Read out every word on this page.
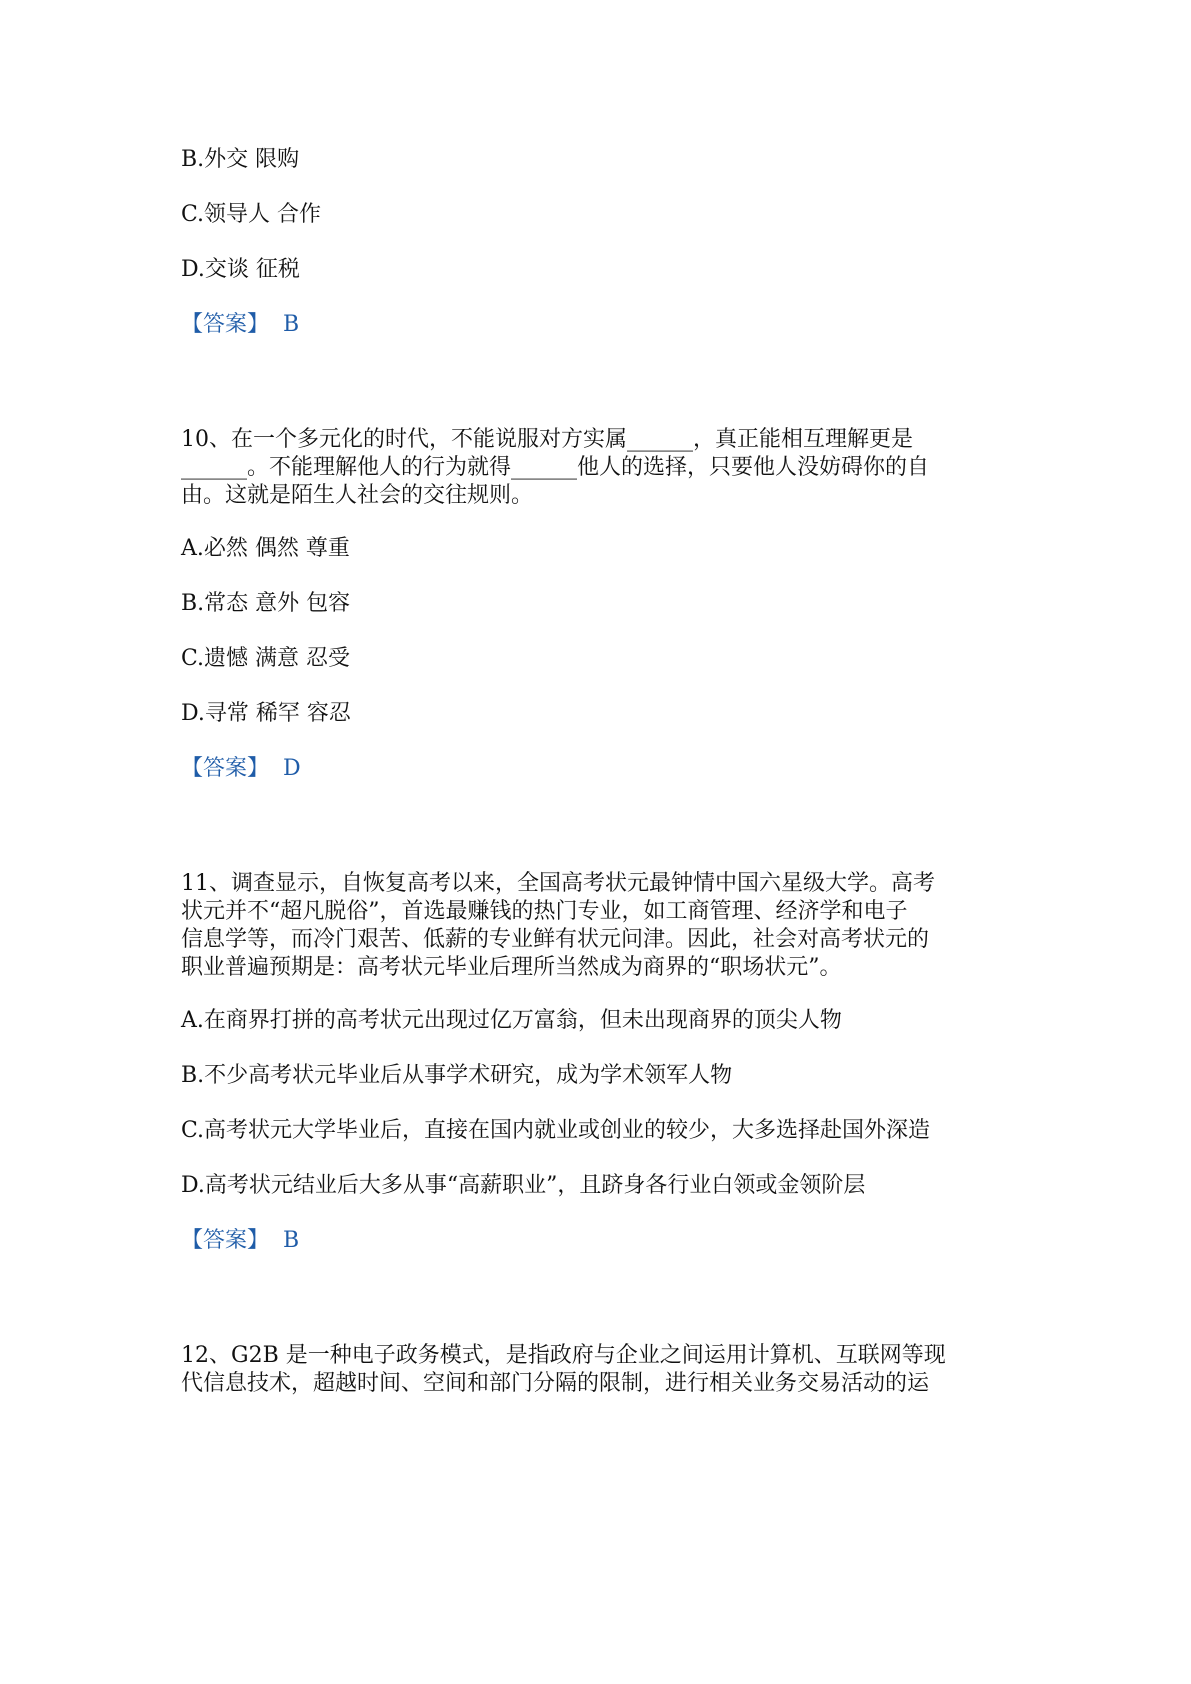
B.外交 限购
C.领导人 合作
D.交谈 征税
【答案】 B
10、在一个多元化的时代，不能说服对方实属______，真正能相互理解更是
______。不能理解他人的行为就得______他人的选择，只要他人没妨碍你的自
由。这就是陌生人社会的交往规则。
A.必然 偶然 尊重
B.常态 意外 包容
C.遗憾 满意 忍受
D.寻常 稀罕 容忍
【答案】 D
11、调查显示，自恢复高考以来，全国高考状元最钟情中国六星级大学。高考
状元并不“超凡脱俗”，首选最赚钱的热门专业，如工商管理、经济学和电子
信息学等，而冷门艰苦、低薪的专业鲜有状元问津。因此，社会对高考状元的
职业普遍预期是：高考状元毕业后理所当然成为商界的“职场状元”。
A.在商界打拼的高考状元出现过亿万富翁，但未出现商界的顶尖人物
B.不少高考状元毕业后从事学术研究，成为学术领军人物
C.高考状元大学毕业后，直接在国内就业或创业的较少，大多选择赴国外深造
D.高考状元结业后大多从事“高薪职业”，且跻身各行业白领或金领阶层
【答案】 B
12、G2B 是一种电子政务模式，是指政府与企业之间运用计算机、互联网等现
代信息技术，超越时间、空间和部门分隔的限制，进行相关业务交易活动的运
